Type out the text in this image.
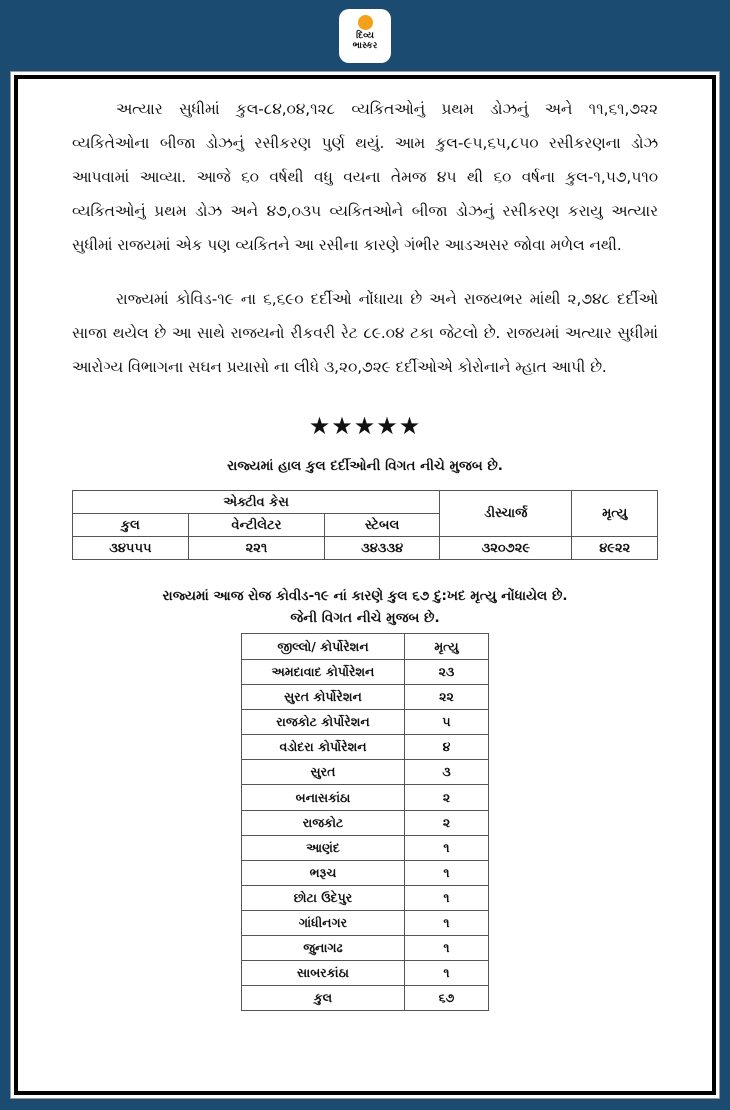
દિવ્ય
ભાસ્કર

અત્યાર સુધીમાં કુલ-૮૪,૦૪,૧૨૮ વ્યકિતઓનું પ્રથમ ડોઝનું અને ૧૧,૬૧,૭૨૨ વ્યકિતેઓના બીજા ડોઝનું રસીકરણ પુર્ણ થયું. આમ કુલ-૯૫,૬૫,૮૫૦ રસીકરણના ડોઝ આપવામાં આવ્યા. આજે ૬૦ વર્ષથી વધુ વયના તેમજ ૪૫ થી ૬૦ વર્ષના કુલ-૧,૫૭,૫૧૦ વ્યકિતઓનું પ્રથમ ડોઝ અને ૪૭,૦૩૫ વ્યકિતઓને બીજા ડોઝનું રસીકરણ કરાયુ અત્યાર સુધીમાં રાજયમાં એક પણ વ્યકિતને આ રસીના કારણે ગંભીર આડઅસર જોવા મળેલ નથી.

રાજ્યમાં કોવિડ-૧૯ ના ૬,૬૯૦ દર્દીઓ નોંધાયા છે અને રાજયભર માંથી ૨,૭૪૮ દર્દીઓ સાજા થયેલ છે આ સાથે રાજયનો રીકવરી રેટ ૮૯.૦૪ ટકા જેટલો છે. રાજયમાં અત્યાર સુધીમાં આરોગ્ય વિભાગના સઘન પ્રયાસો ના લીધે ૩,૨૦,૭૨૯ દર્દીઓએ કોરોનાને મ્હાત આપી છે.

★★★★★
રાજ્યમાં હાલ કુલ દર્દીઓની વિગત નીચે મુજબ છે.
એક્ટીવ કેસ			ડીસ્ચાર્જ	મૃત્યુ
કુલ	વેન્ટીલેટર	સ્ટેબલ		
૩૪૫૫૫	૨૨૧	૩૪૩૩૪	૩૨૦૭૨૯	૪૯૨૨
રાજ્યમાં આજ રોજ કોવીડ-૧૯ નાં કારણે કુલ ૬૭ દુ:ખદ મૃત્યુ નોંધાયેલ છે.
જેની વિગત નીચે મુજબ છે.
જીલ્લો/ કોર્પોરેશન	મૃત્યુ
અમદાવાદ કોર્પોરેશન	૨૩
સુરત કોર્પોરેશન	૨૨
રાજકોટ કોર્પોરેશન	૫
વડોદરા કોર્પોરેશન	૪
સુરત	૩
બનાસકાંઠા	૨
રાજકોટ	૨
આણંદ	૧
ભરૂચ	૧
છોટા ઉદેપુર	૧
ગાંધીનગર	૧
જુનાગઢ	૧
સાબરકાંઠા	૧
કુલ	૬૭
